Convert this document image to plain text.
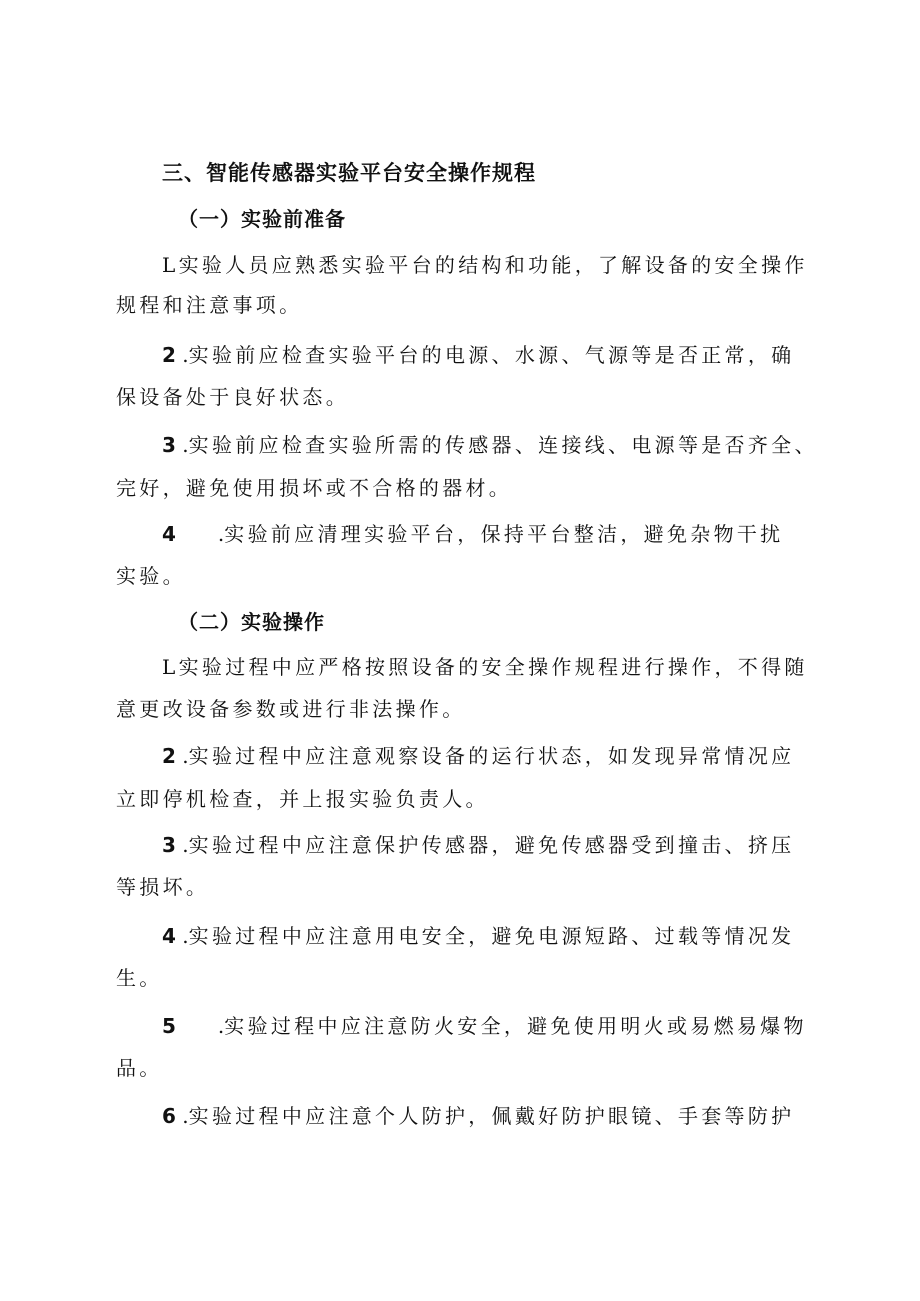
三、智能传感器实验平台安全操作规程
（一）实验前准备
L实验人员应熟悉实验平台的结构和功能，了解设备的安全操作
规程和注意事项。
2 .实验前应检查实验平台的电源、水源、气源等是否正常，确
保设备处于良好状态。
3 .实验前应检查实验所需的传感器、连接线、电源等是否齐全、
完好，避免使用损坏或不合格的器材。
4 .实验前应清理实验平台，保持平台整洁，避免杂物干扰
实验。
（二）实验操作
L实验过程中应严格按照设备的安全操作规程进行操作，不得随
意更改设备参数或进行非法操作。
2 .实验过程中应注意观察设备的运行状态，如发现异常情况应
立即停机检查，并上报实验负责人。
3 .实验过程中应注意保护传感器，避免传感器受到撞击、挤压
等损坏。
4 .实验过程中应注意用电安全，避免电源短路、过载等情况发
生。
5 .实验过程中应注意防火安全，避免使用明火或易燃易爆物
品。
6 .实验过程中应注意个人防护，佩戴好防护眼镜、手套等防护
